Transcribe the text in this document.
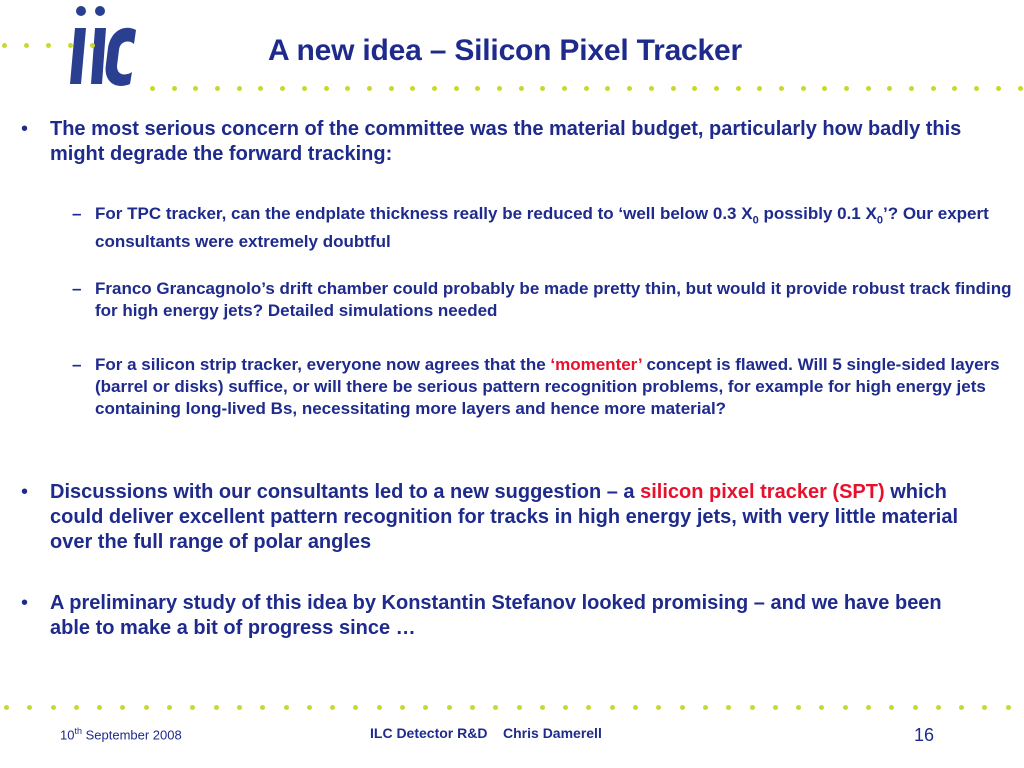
A new idea – Silicon Pixel Tracker
• The most serious concern of the committee was the material budget, particularly how badly this might degrade the forward tracking:
– For TPC tracker, can the endplate thickness really be reduced to ‘well below 0.3 $X_0$ possibly 0.1 $X_0$’? Our expert consultants were extremely doubtful
– Franco Grancagnolo’s drift chamber could probably be made pretty thin, but would it provide robust track finding for high energy jets? Detailed simulations needed
– For a silicon strip tracker, everyone now agrees that the ‘momenter’ concept is flawed. Will 5 single-sided layers (barrel or disks) suffice, or will there be serious pattern recognition problems, for example for high energy jets containing long-lived Bs, necessitating more layers and hence more material?
• Discussions with our consultants led to a new suggestion – a silicon pixel tracker (SPT) which could deliver excellent pattern recognition for tracks in high energy jets, with very little material over the full range of polar angles
• A preliminary study of this idea by Konstantin Stefanov looked promising – and we have been able to make a bit of progress since …
10th September 2008	ILC Detector R&D    Chris Damerell	16
